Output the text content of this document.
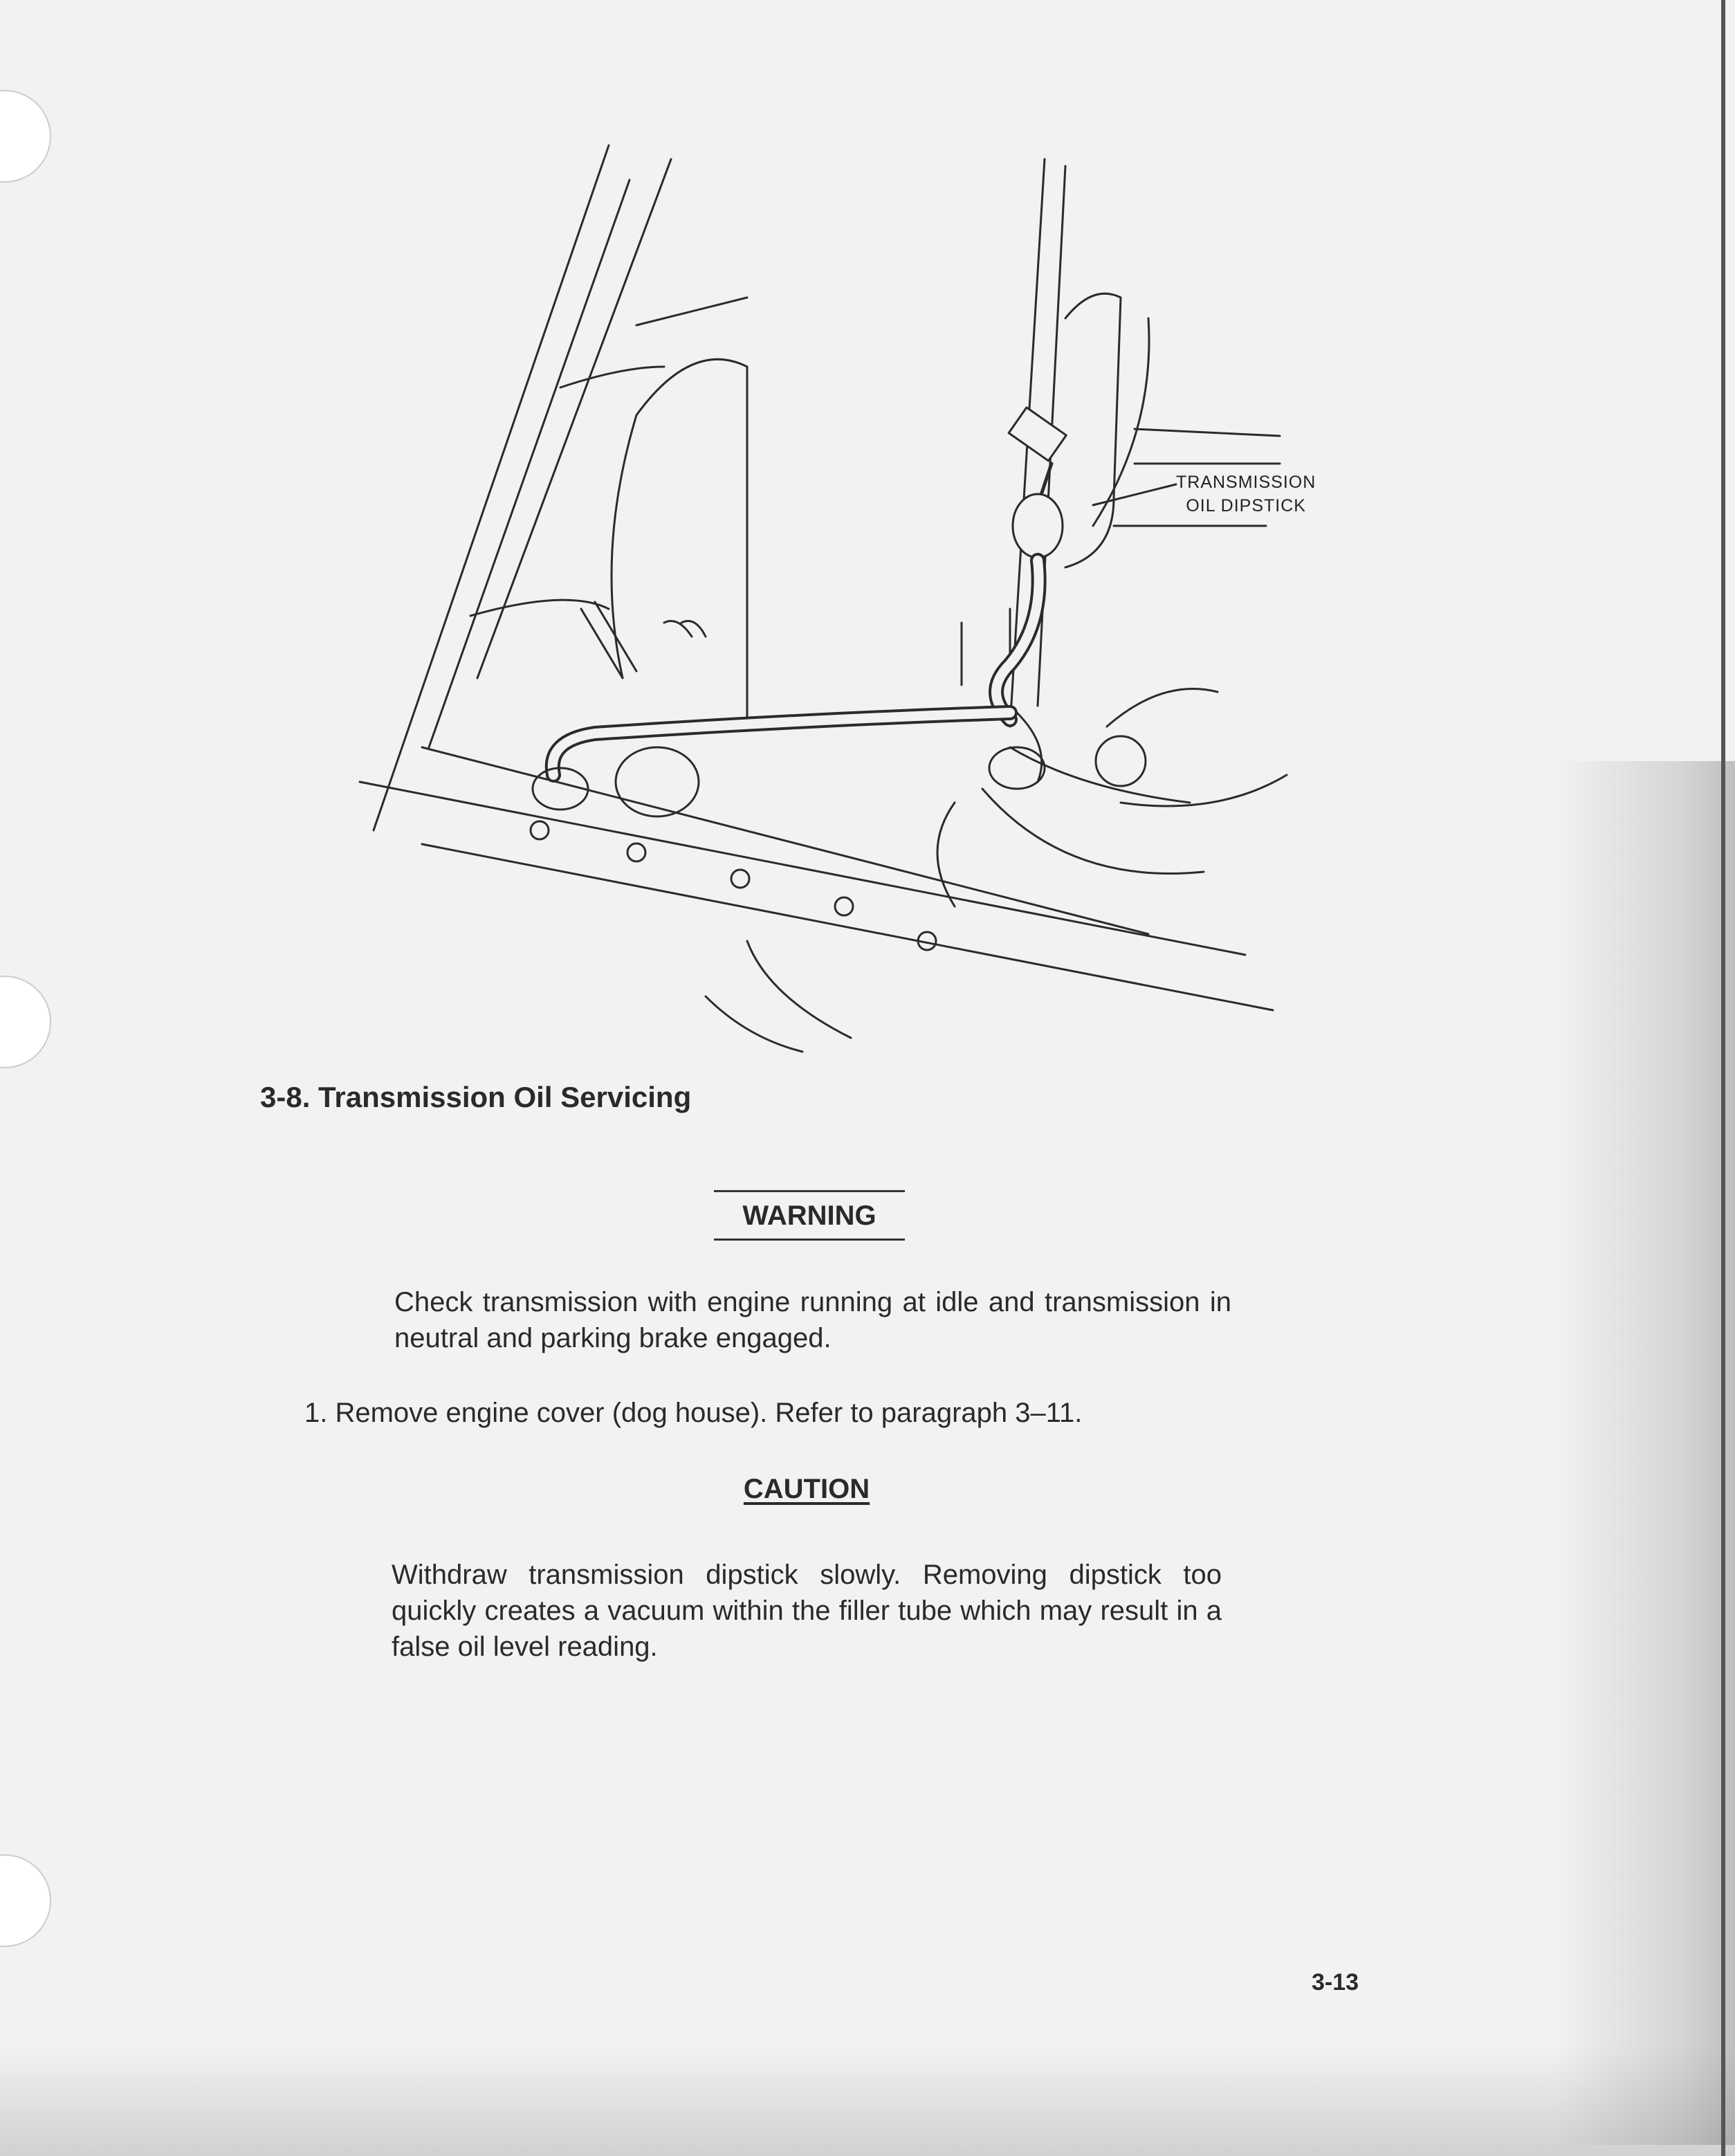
TRANSMISSION
OIL DIPSTICK
3-8. Transmission Oil Servicing
WARNING
Check transmission with engine running at idle and transmission in neutral and parking brake engaged.
1. Remove engine cover (dog house). Refer to paragraph 3–11.
CAUTION
Withdraw transmission dipstick slowly. Removing dipstick too quickly creates a vacuum within the filler tube which may result in a false oil level reading.
3-13
